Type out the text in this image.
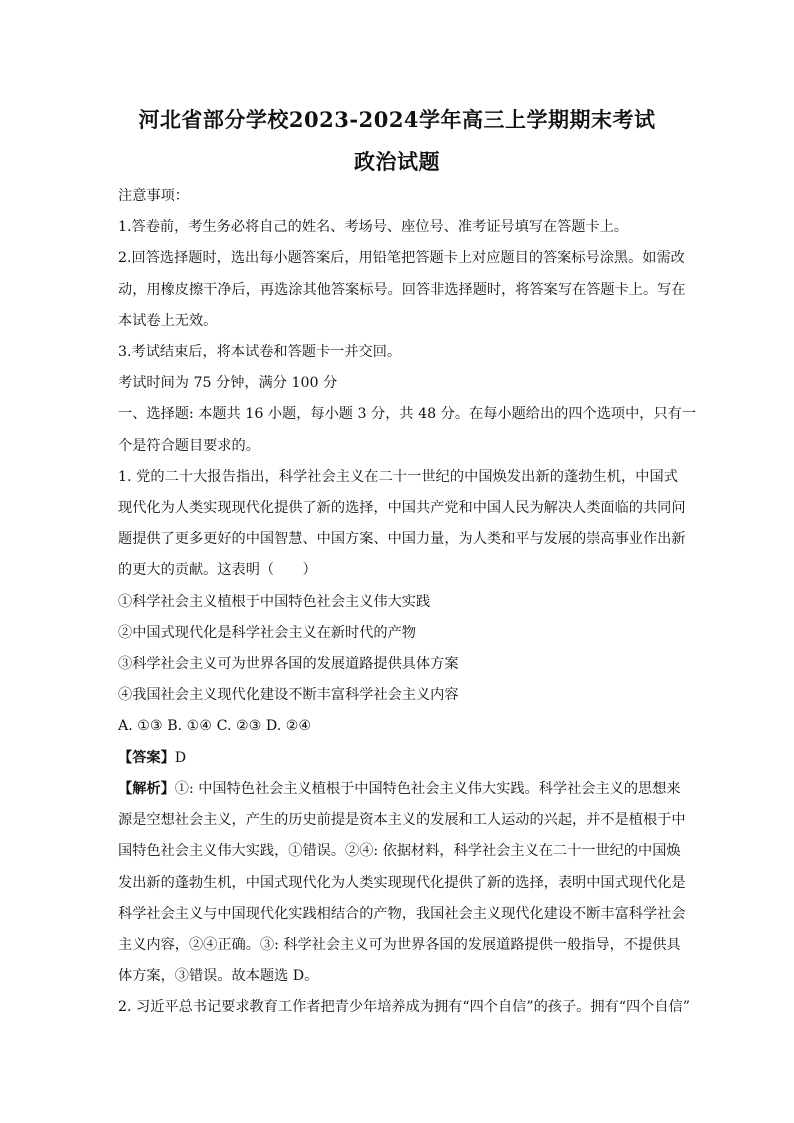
河北省部分学校2023-2024学年高三上学期期末考试
政治试题
注意事项：
1.答卷前，考生务必将自己的姓名、考场号、座位号、准考证号填写在答题卡上。
2.回答选择题时，选出每小题答案后，用铅笔把答题卡上对应题目的答案标号涂黑。如需改
动，用橡皮擦干净后，再选涂其他答案标号。回答非选择题时，将答案写在答题卡上。写在
本试卷上无效。
3.考试结束后，将本试卷和答题卡一并交回。
考试时间为 75 分钟，满分 100 分
一、选择题: 本题共 16 小题，每小题 3 分，共 48 分。在每小题给出的四个选项中，只有一
个是符合题目要求的。
1. 党的二十大报告指出，科学社会主义在二十一世纪的中国焕发出新的蓬勃生机，中国式
现代化为人类实现现代化提供了新的选择，中国共产党和中国人民为解决人类面临的共同问
题提供了更多更好的中国智慧、中国方案、中国力量，为人类和平与发展的崇高事业作出新
的更大的贡献。这表明（　　）
①科学社会主义植根于中国特色社会主义伟大实践
②中国式现代化是科学社会主义在新时代的产物
③科学社会主义可为世界各国的发展道路提供具体方案
④我国社会主义现代化建设不断丰富科学社会主义内容
A. ①③ B. ①④ C. ②③ D. ②④
【答案】D
【解析】①: 中国特色社会主义植根于中国特色社会主义伟大实践。科学社会主义的思想来
源是空想社会主义，产生的历史前提是资本主义的发展和工人运动的兴起，并不是植根于中
国特色社会主义伟大实践，①错误。②④: 依据材料，科学社会主义在二十一世纪的中国焕
发出新的蓬勃生机，中国式现代化为人类实现现代化提供了新的选择，表明中国式现代化是
科学社会主义与中国现代化实践相结合的产物，我国社会主义现代化建设不断丰富科学社会
主义内容，②④正确。③: 科学社会主义可为世界各国的发展道路提供一般指导，不提供具
体方案，③错误。故本题选 D。
2. 习近平总书记要求教育工作者把青少年培养成为拥有“四个自信”的孩子。拥有“四个自信”
